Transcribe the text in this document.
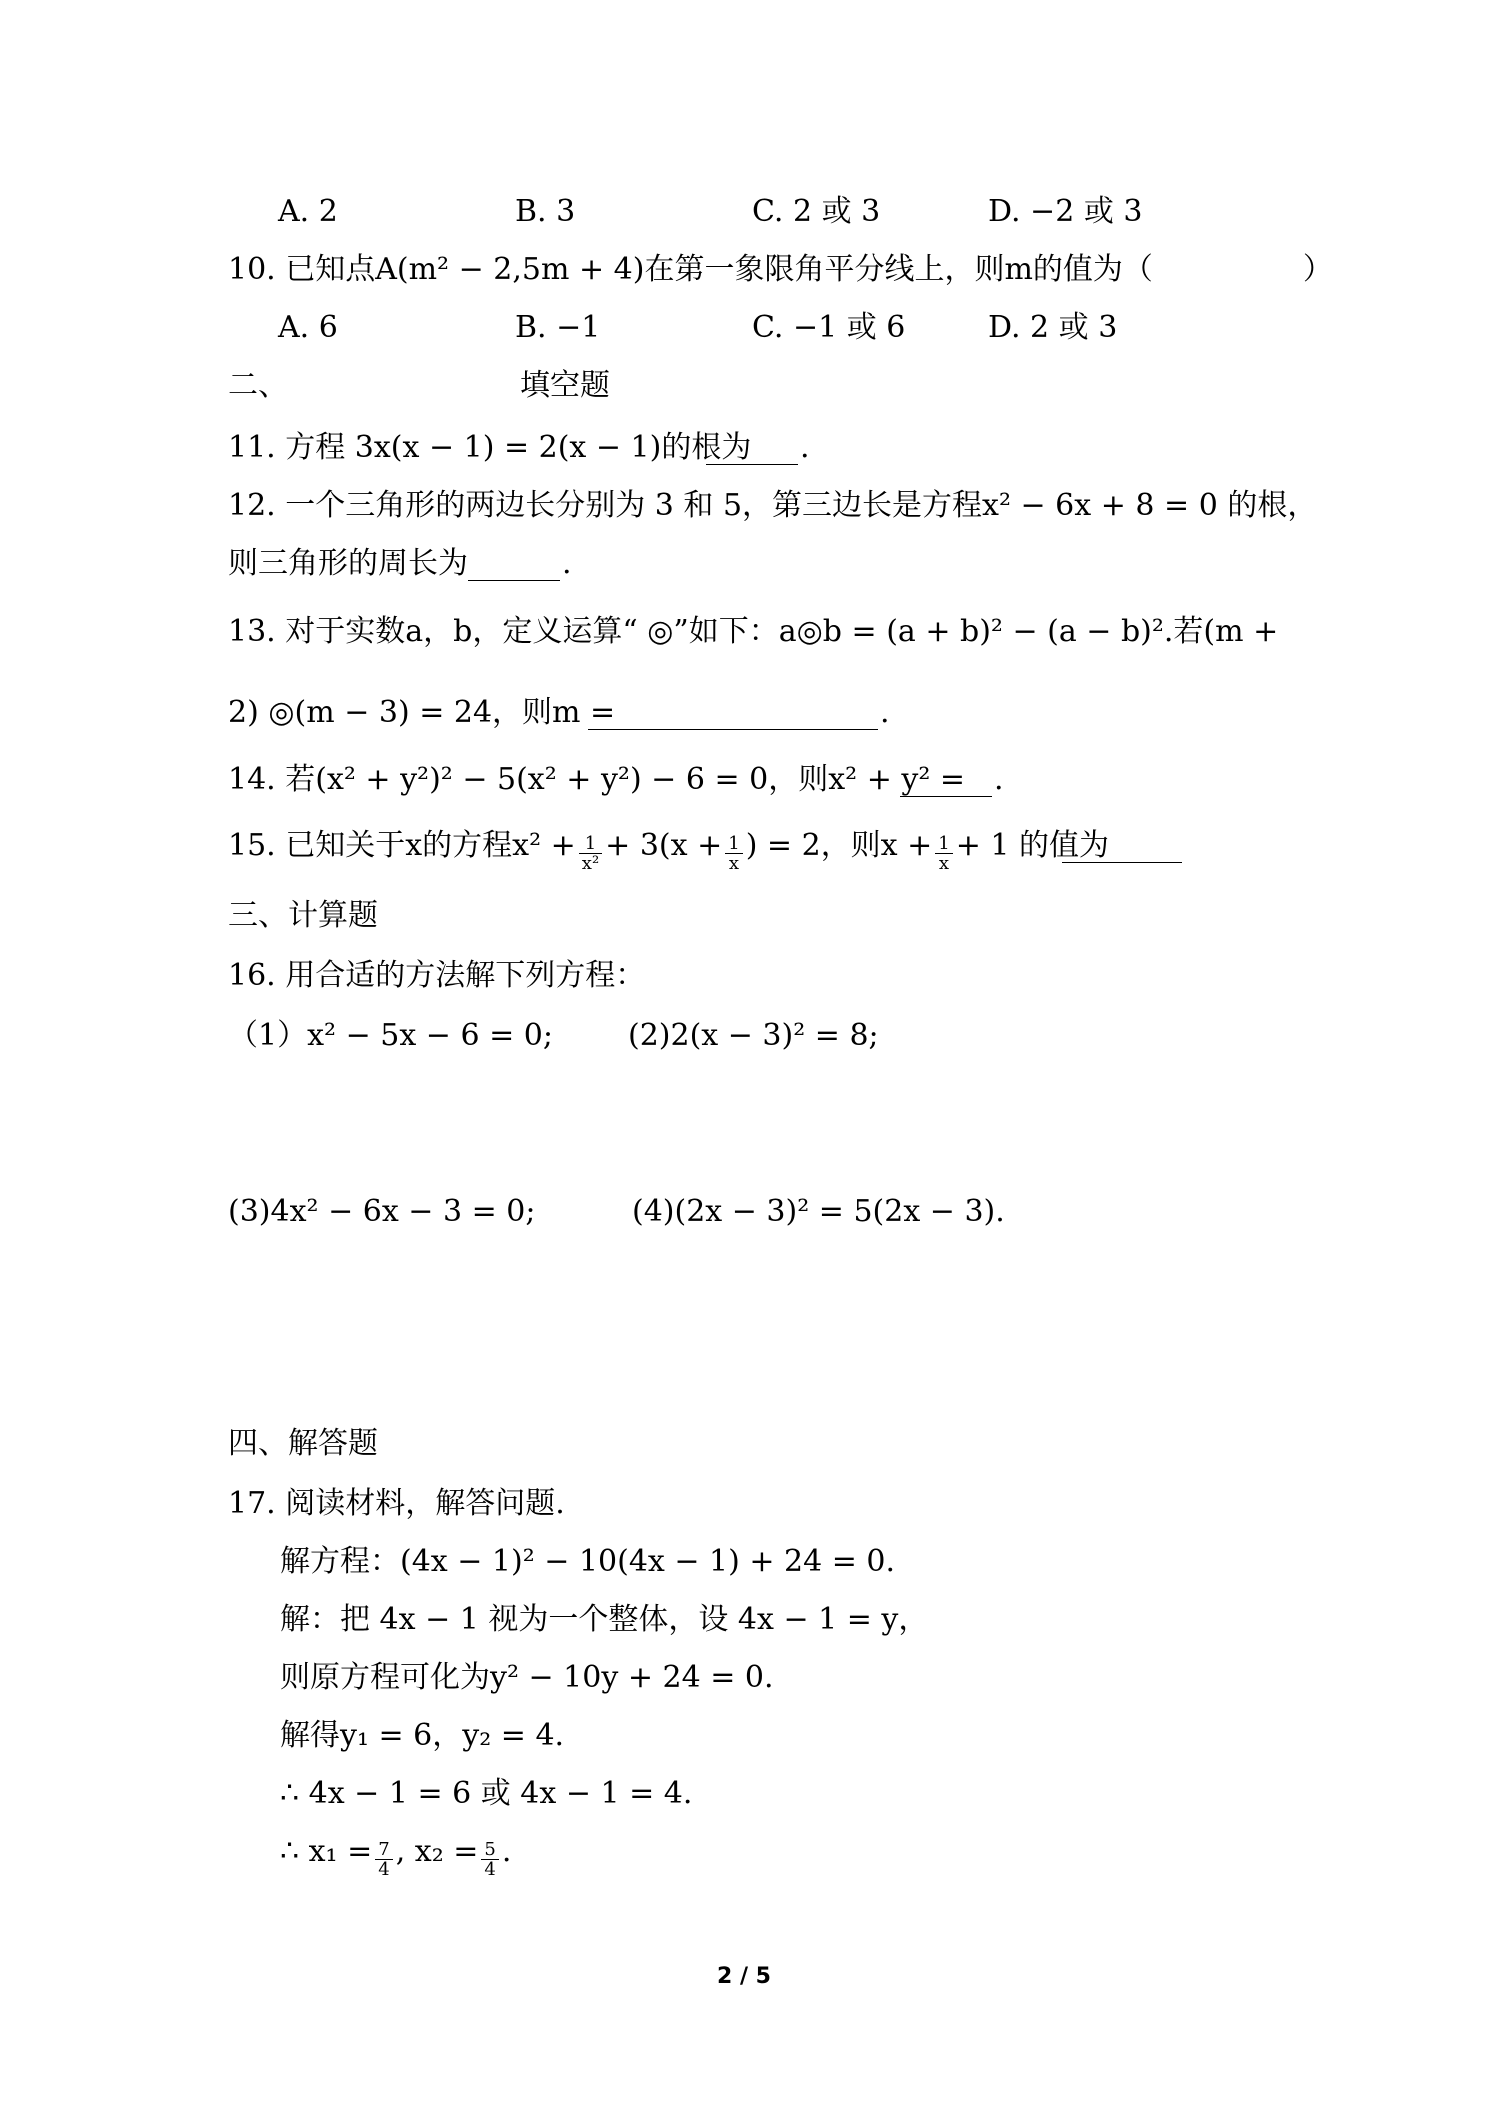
A. 2	B. 3	C. 2 或 3	D. −2 或 3
10. 已知点A(m² − 2,5m + 4)在第一象限角平分线上，则m的值为（　　　　　）
A. 6	B. −1	C. −1 或 6	D. 2 或 3
二、	填空题
11. 方程 3x(x − 1) = 2(x − 1)的根为 .
12. 一个三角形的两边长分别为 3 和 5，第三边长是方程x² − 6x + 8 = 0 的根，
则三角形的周长为	.
13. 对于实数a，b，定义运算“ ◎”如下：a◎b = (a + b)² − (a − b)².若(m +
2) ◎(m − 3) = 24，则m =	.
14. 若(x² + y²)² − 5(x² + y²) − 6 = 0，则x² + y² = .
15. 已知关于x的方程$x^2 + \frac{1}{\text{x²}} + 3(x + \frac{1}{x}$ ) = 2，则$x + \frac{1}{x} + 1$ 的值为
三、计算题
16. 用合适的方法解下列方程：
（1）x² − 5x − 6 = 0;	(2)2(x − 3)² = 8;
(3)4x² − 6x − 3 = 0;	(4)(2x − 3)² = 5(2x − 3).
四、解答题
17. 阅读材料，解答问题.
解方程：(4x − 1)² − 10(4x − 1) + 24 = 0.
解：把 4x − 1 视为一个整体，设 4x − 1 = y，
则原方程可化为y² − 10y + 24 = 0.
解得y₁ = 6，y₂ = 4.
∴ 4x − 1 = 6 或 4x − 1 = 4.
∴ $x_1 = \frac{7}{4}$ , $x_2 = \frac{5}{4}$ .
2 / 5
